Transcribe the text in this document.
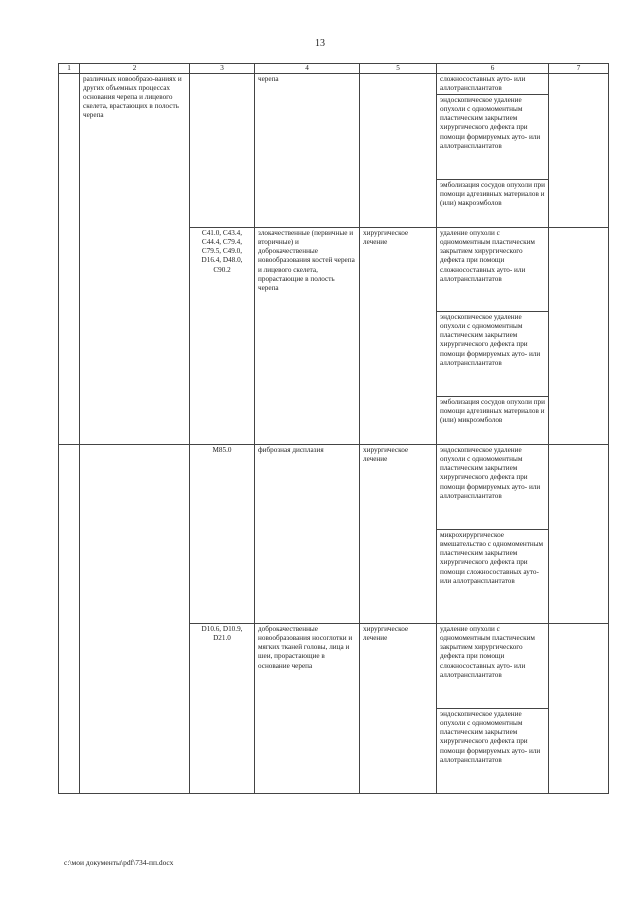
13
1	2	3	4	5	6	7
	различных новообразо-ваниях и других объемных процессах основания черепа и лицевого скелета, врастающих в полость черепа		черепа		сложносоставных ауто- или аллотрансплантатов	
					эндоскопическое удаление опухоли с одномоментным пластическим закрытием хирургического дефекта при помощи формируемых ауто- или аллотрансплантатов	
					эмболизация сосудов опухоли при помощи адгезивных материалов и (или) макроэмболов	
		C41.0, C43.4, C44.4, C79.4, C79.5, C49.0, D16.4, D48.0, C90.2	злокачественные (первичные и вторичные) и доброкачественные новообразования костей черепа и лицевого скелета, прорастающие в полость черепа	хирургическое лечение	удаление опухоли с одномоментным пластическим закрытием хирургического дефекта при помощи сложносоставных ауто- или аллотрансплантатов	
					эндоскопическое удаление опухоли с одномоментным пластическим закрытием хирургического дефекта при помощи формируемых ауто- или аллотрансплантатов	
					эмболизация сосудов опухоли при помощи адгезивных материалов и (или) микроэмболов	
		M85.0	фиброзная дисплазия	хирургическое лечение	эндоскопическое удаление опухоли с одномоментным пластическим закрытием хирургического дефекта при помощи формируемых ауто- или аллотрансплантатов	
					микрохирургическое вмешательство с одномоментным пластическим закрытием хирургического дефекта при помощи сложносоставных ауто- или аллотрансплантатов	
		D10.6, D10.9, D21.0	доброкачественные новообразования носоглотки и мягких тканей головы, лица и шеи, прорастающие в основание черепа	хирургическое лечение	удаление опухоли с одномоментным пластическим закрытием хирургического дефекта при помощи сложносоставных ауто- или аллотрансплантатов	
					эндоскопическое удаление опухоли с одномоментным пластическим закрытием хирургического дефекта при помощи формируемых ауто- или аллотрансплантатов	
c:\мои документы\pdf\734-пп.docx
